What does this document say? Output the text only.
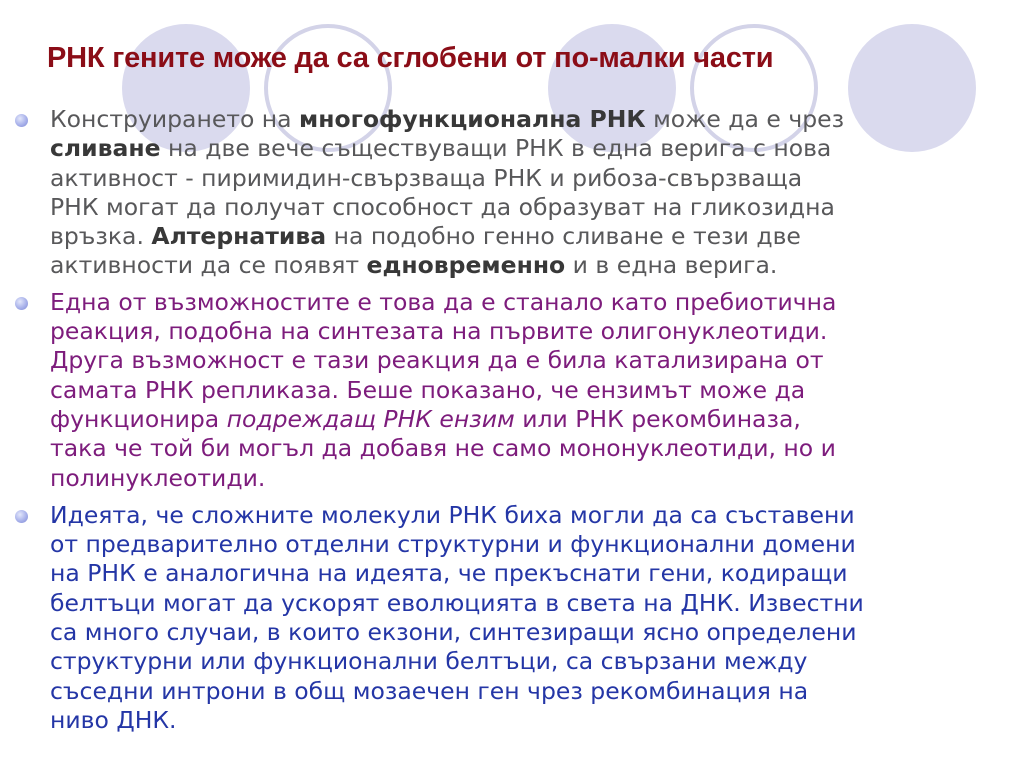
РНК гените може да са сглобени от по-малки части
Конструирането на многофункционална РНК може да е чрез
сливане на две вече съществуващи РНК в една верига с нова
активност - пиримидин-свързваща РНК и рибоза-свързваща
РНК могат да получат способност да образуват на гликозидна
връзка. Алтернатива на подобно генно сливане е тези две
активности да се появят едновременно и в една верига.
Една от възможностите е това да е станало като пребиотична
реакция, подобна на синтезата на първите олигонуклеотиди.
Друга възможност е тази реакция да е била катализирана от
самата РНК репликаза. Беше показано, че ензимът може да
функционира подреждащ РНК ензим или РНК рекомбиназа,
така че той би могъл да добавя не само мононуклеотиди, но и
полинуклеотиди.
Идеята, че сложните молекули РНК биха могли да са съставени
от предварително отделни структурни и функционални домени
на РНК е аналогична на идеята, че прекъснати гени, кодиращи
белтъци могат да ускорят еволюцията в света на ДНК. Известни
са много случаи, в които екзони, синтезиращи ясно определени
структурни или функционални белтъци, са свързани между
съседни интрони в общ мозаечен ген чрез рекомбинация на
ниво ДНК.
